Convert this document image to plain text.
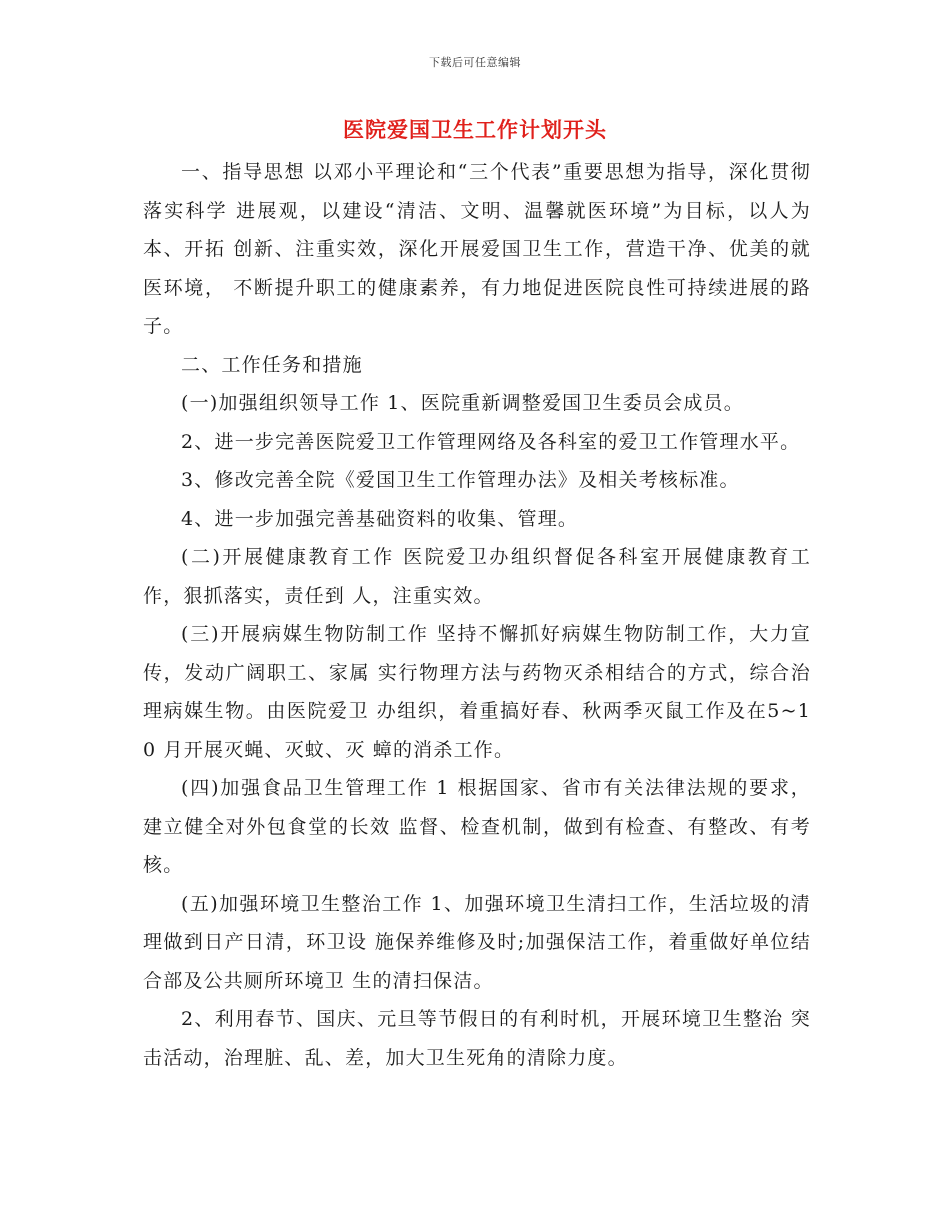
下载后可任意编辑
医院爱国卫生工作计划开头

一、指导思想 以邓小平理论和“三个代表”重要思想为指导，深化贯彻落实科学 进展观，以建设“清洁、文明、温馨就医环境”为目标，以人为本、开拓 创新、注重实效，深化开展爱国卫生工作，营造干净、优美的就医环境， 不断提升职工的健康素养，有力地促进医院良性可持续进展的路子。

二、工作任务和措施

(一)加强组织领导工作 1、医院重新调整爱国卫生委员会成员。

2、进一步完善医院爱卫工作管理网络及各科室的爱卫工作管理水平。

3、修改完善全院《爱国卫生工作管理办法》及相关考核标准。

4、进一步加强完善基础资料的收集、管理。

(二)开展健康教育工作 医院爱卫办组织督促各科室开展健康教育工作，狠抓落实，责任到 人，注重实效。

(三)开展病媒生物防制工作 坚持不懈抓好病媒生物防制工作，大力宣传，发动广阔职工、家属 实行物理方法与药物灭杀相结合的方式，综合治理病媒生物。由医院爱卫 办组织，着重搞好春、秋两季灭鼠工作及在5~10 月开展灭蝇、灭蚊、灭 蟑的消杀工作。

(四)加强食品卫生管理工作 1 根据国家、省市有关法律法规的要求，建立健全对外包食堂的长效 监督、检查机制，做到有检查、有整改、有考核。

(五)加强环境卫生整治工作 1、加强环境卫生清扫工作，生活垃圾的清理做到日产日清，环卫设 施保养维修及时;加强保洁工作，着重做好单位结合部及公共厕所环境卫 生的清扫保洁。

2、利用春节、国庆、元旦等节假日的有利时机，开展环境卫生整治 突击活动，治理脏、乱、差，加大卫生死角的清除力度。
